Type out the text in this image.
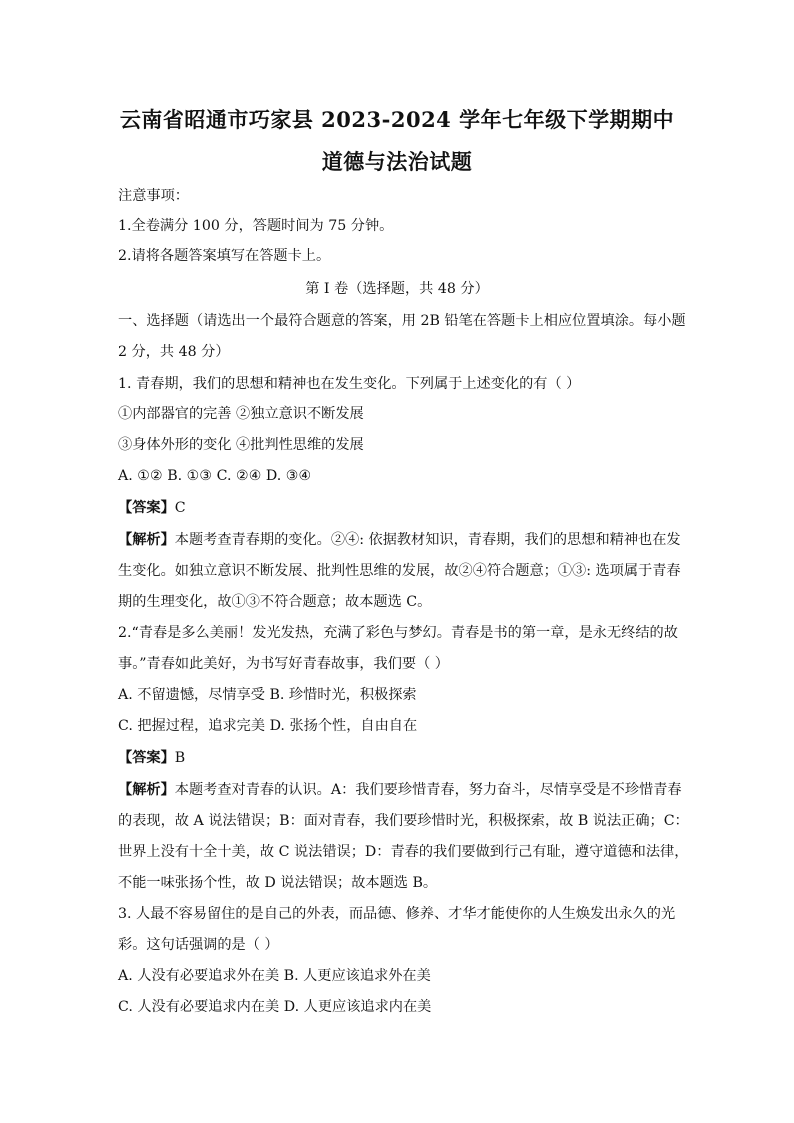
云南省昭通市巧家县 2023-2024 学年七年级下学期期中
道德与法治试题
注意事项：
1.全卷满分 100 分，答题时间为 75 分钟。
2.请将各题答案填写在答题卡上。
第 I 卷（选择题，共 48 分）
一、选择题（请选出一个最符合题意的答案，用 2B 铅笔在答题卡上相应位置填涂。每小题
2 分，共 48 分）
1. 青春期，我们的思想和精神也在发生变化。下列属于上述变化的有（ ）
①内部器官的完善 ②独立意识不断发展
③身体外形的变化 ④批判性思维的发展
A. ①② B. ①③ C. ②④ D. ③④
【答案】C
【解析】本题考查青春期的变化。②④: 依据教材知识，青春期，我们的思想和精神也在发
生变化。如独立意识不断发展、批判性思维的发展，故②④符合题意；①③: 选项属于青春
期的生理变化，故①③不符合题意；故本题选 C。
2.“青春是多么美丽！发光发热，充满了彩色与梦幻。青春是书的第一章，是永无终结的故
事。”青春如此美好，为书写好青春故事，我们要（ ）
A. 不留遗憾，尽情享受 B. 珍惜时光，积极探索
C. 把握过程，追求完美 D. 张扬个性，自由自在
【答案】B
【解析】本题考查对青春的认识。A：我们要珍惜青春，努力奋斗，尽情享受是不珍惜青春
的表现，故 A 说法错误；B：面对青春，我们要珍惜时光，积极探索，故 B 说法正确；C：
世界上没有十全十美，故 C 说法错误；D：青春的我们要做到行己有耻，遵守道德和法律，
不能一味张扬个性，故 D 说法错误；故本题选 B。
3. 人最不容易留住的是自己的外表，而品德、修养、才华才能使你的人生焕发出永久的光
彩。这句话强调的是（ ）
A. 人没有必要追求外在美 B. 人更应该追求外在美
C. 人没有必要追求内在美 D. 人更应该追求内在美
